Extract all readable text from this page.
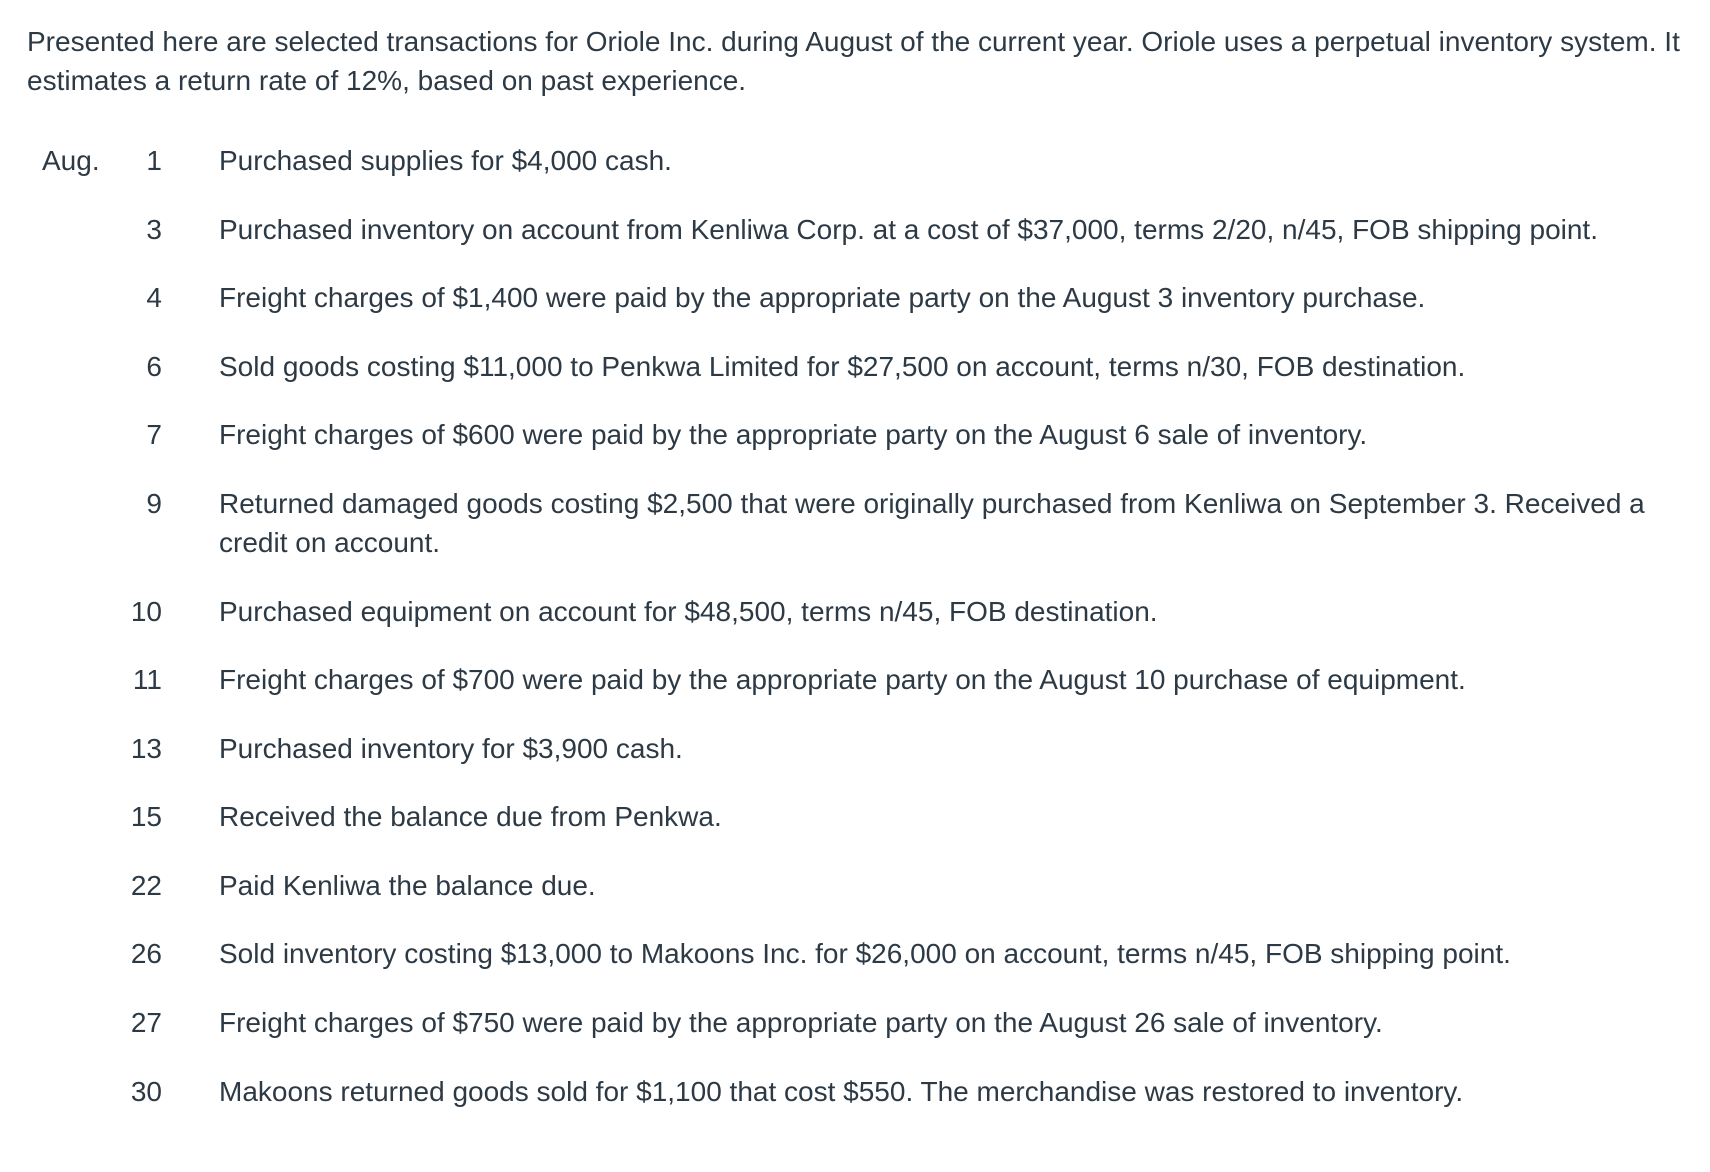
Presented here are selected transactions for Oriole Inc. during August of the current year. Oriole uses a perpetual inventory system. It estimates a return rate of 12%, based on past experience.

Aug.	1 Purchased supplies for $4,000 cash.
3 Purchased inventory on account from Kenliwa Corp. at a cost of $37,000, terms 2/20, n/45, FOB shipping point.
4 Freight charges of $1,400 were paid by the appropriate party on the August 3 inventory purchase.
6 Sold goods costing $11,000 to Penkwa Limited for $27,500 on account, terms n/30, FOB destination.
7 Freight charges of $600 were paid by the appropriate party on the August 6 sale of inventory.
9 Returned damaged goods costing $2,500 that were originally purchased from Kenliwa on September 3. Received a credit on account.
10 Purchased equipment on account for $48,500, terms n/45, FOB destination.
11 Freight charges of $700 were paid by the appropriate party on the August 10 purchase of equipment.
13 Purchased inventory for $3,900 cash.
15 Received the balance due from Penkwa.
22 Paid Kenliwa the balance due.
26 Sold inventory costing $13,000 to Makoons Inc. for $26,000 on account, terms n/45, FOB shipping point.
27 Freight charges of $750 were paid by the appropriate party on the August 26 sale of inventory.
30 Makoons returned goods sold for $1,100 that cost $550. The merchandise was restored to inventory.
